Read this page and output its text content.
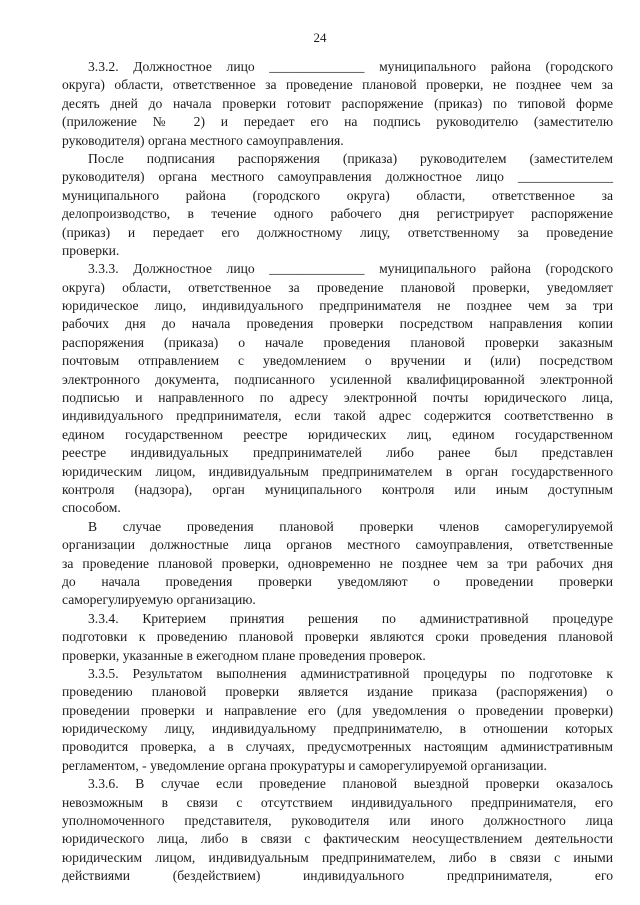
24
3.3.2. Должностное лицо ______________ муниципального района (городского
округа) области, ответственное за проведение плановой проверки, не позднее чем за
десять дней до начала проверки готовит распоряжение (приказ) по типовой форме
(приложение № 2) и передает его на подпись руководителю (заместителю
руководителя) органа местного самоуправления.
После подписания распоряжения (приказа) руководителем (заместителем
руководителя) органа местного самоуправления должностное лицо ______________
муниципального района (городского округа) области, ответственное за
делопроизводство, в течение одного рабочего дня регистрирует распоряжение
(приказ) и передает его должностному лицу, ответственному за проведение
проверки.
3.3.3. Должностное лицо ______________ муниципального района (городского
округа) области, ответственное за проведение плановой проверки, уведомляет
юридическое лицо, индивидуального предпринимателя не позднее чем за три
рабочих дня до начала проведения проверки посредством направления копии
распоряжения (приказа) о начале проведения плановой проверки заказным
почтовым отправлением с уведомлением о вручении и (или) посредством
электронного документа, подписанного усиленной квалифицированной электронной
подписью и направленного по адресу электронной почты юридического лица,
индивидуального предпринимателя, если такой адрес содержится соответственно в
едином государственном реестре юридических лиц, едином государственном
реестре индивидуальных предпринимателей либо ранее был представлен
юридическим лицом, индивидуальным предпринимателем в орган государственного
контроля (надзора), орган муниципального контроля или иным доступным
способом.
В случае проведения плановой проверки членов саморегулируемой
организации должностные лица органов местного самоуправления, ответственные
за проведение плановой проверки, одновременно не позднее чем за три рабочих дня
до начала проведения проверки уведомляют о проведении проверки
саморегулируемую организацию.
3.3.4. Критерием принятия решения по административной процедуре
подготовки к проведению плановой проверки являются сроки проведения плановой
проверки, указанные в ежегодном плане проведения проверок.
3.3.5. Результатом выполнения административной процедуры по подготовке к
проведению плановой проверки является издание приказа (распоряжения) о
проведении проверки и направление его (для уведомления о проведении проверки)
юридическому лицу, индивидуальному предпринимателю, в отношении которых
проводится проверка, а в случаях, предусмотренных настоящим административным
регламентом, - уведомление органа прокуратуры и саморегулируемой организации.
3.3.6. В случае если проведение плановой выездной проверки оказалось
невозможным в связи с отсутствием индивидуального предпринимателя, его
уполномоченного представителя, руководителя или иного должностного лица
юридического лица, либо в связи с фактическим неосуществлением деятельности
юридическим лицом, индивидуальным предпринимателем, либо в связи с иными
действиями (бездействием) индивидуального предпринимателя, его
